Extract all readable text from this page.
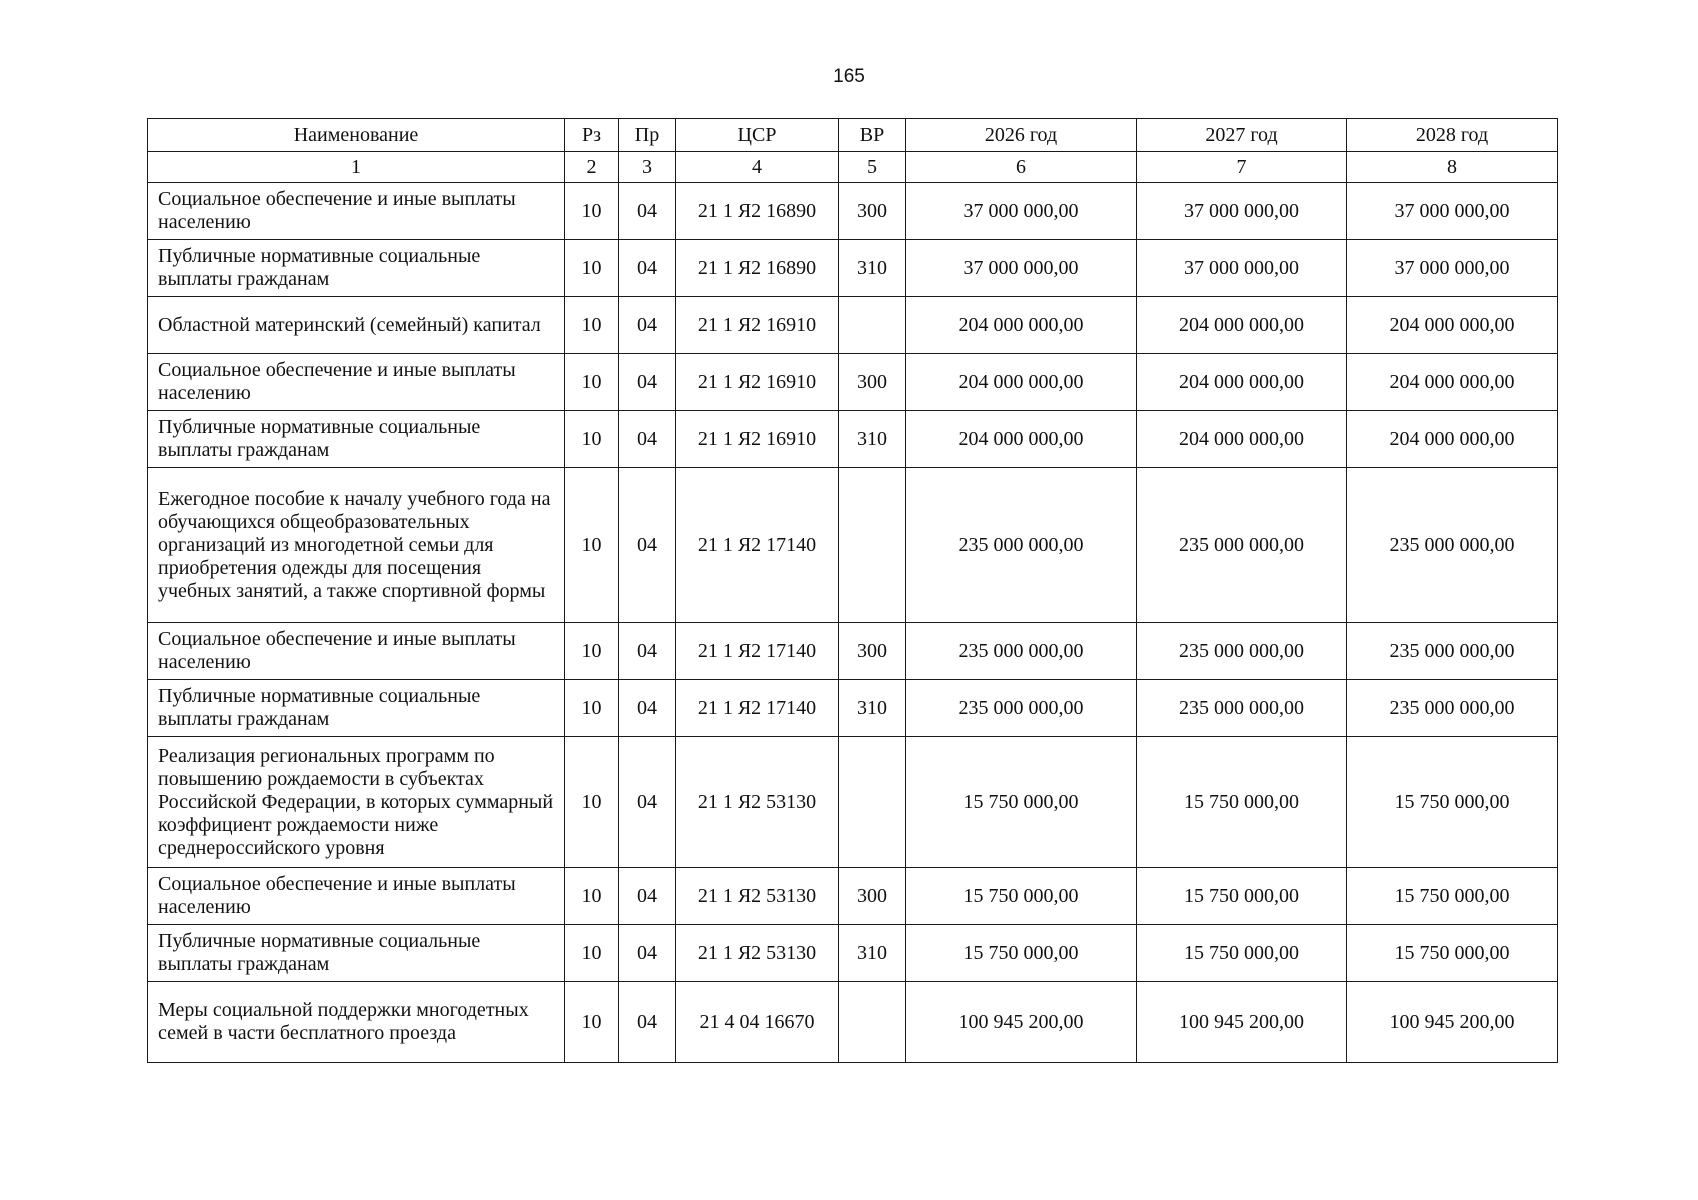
165
Наименование	Рз	Пр	ЦСР	ВР	2026 год	2027 год	2028 год
1	2	3	4	5	6	7	8
Социальное обеспечение и иные выплаты населению	10	04	21 1 Я2 16890	300	37 000 000,00	37 000 000,00	37 000 000,00
Публичные нормативные социальные выплаты гражданам	10	04	21 1 Я2 16890	310	37 000 000,00	37 000 000,00	37 000 000,00
Областной материнский (семейный) капитал	10	04	21 1 Я2 16910		204 000 000,00	204 000 000,00	204 000 000,00
Социальное обеспечение и иные выплаты населению	10	04	21 1 Я2 16910	300	204 000 000,00	204 000 000,00	204 000 000,00
Публичные нормативные социальные выплаты гражданам	10	04	21 1 Я2 16910	310	204 000 000,00	204 000 000,00	204 000 000,00
Ежегодное пособие к началу учебного года на обучающихся общеобразовательных организаций из многодетной семьи для приобретения одежды для посещения учебных занятий, а также спортивной формы	10	04	21 1 Я2 17140		235 000 000,00	235 000 000,00	235 000 000,00
Социальное обеспечение и иные выплаты населению	10	04	21 1 Я2 17140	300	235 000 000,00	235 000 000,00	235 000 000,00
Публичные нормативные социальные выплаты гражданам	10	04	21 1 Я2 17140	310	235 000 000,00	235 000 000,00	235 000 000,00
Реализация региональных программ по повышению рождаемости в субъектах Российской Федерации, в которых суммарный коэффициент рождаемости ниже среднероссийского уровня	10	04	21 1 Я2 53130		15 750 000,00	15 750 000,00	15 750 000,00
Социальное обеспечение и иные выплаты населению	10	04	21 1 Я2 53130	300	15 750 000,00	15 750 000,00	15 750 000,00
Публичные нормативные социальные выплаты гражданам	10	04	21 1 Я2 53130	310	15 750 000,00	15 750 000,00	15 750 000,00
Меры социальной поддержки многодетных семей в части бесплатного проезда	10	04	21 4 04 16670		100 945 200,00	100 945 200,00	100 945 200,00
